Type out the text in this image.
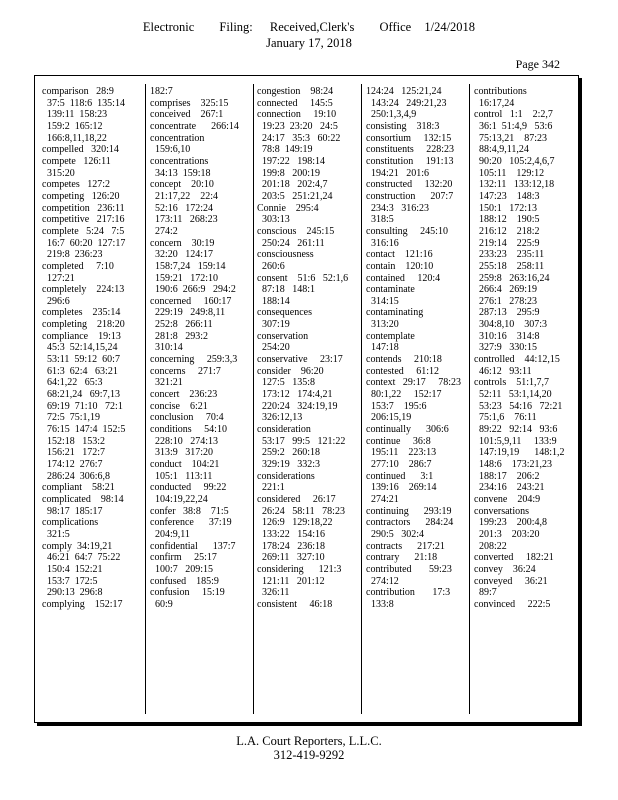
Electronic Filing: Received,Clerk's Office 1/24/2018
January 17, 2018
Page 342
comparison   28:9
37:5  118:6  135:14
139:11  158:23
159:2  165:12
166:8,11,18,22
compelled   320:14
compete   126:11
315:20
competes   127:2
competing   126:20
competition   236:11
competitive   217:16
complete   5:24   7:5
16:7  60:20  127:17
219:8  236:23
completed     7:10
127:21
completely    224:13
296:6
completes    235:14
completing    218:20
compliance    19:13
45:3  52:14,15,24
53:11  59:12  60:7
61:3  62:4   63:21
64:1,22   65:3
68:21,24   69:7,13
69:19  71:10   72:1
72:5  75:1,19
76:15  147:4  152:5
152:18   153:2
156:21   172:7
174:12  276:7
286:24  306:6,8
compliant    58:21
complicated    98:14
98:17  185:17
complications
321:5
comply  34:19,21
46:21  64:7  75:22
150:4  152:21
153:7  172:5
290:13  296:8
complying    152:17
182:7
comprises    325:15
conceived    267:1
concentrate      266:14
concentration
159:6,10
concentrations
34:13  159:18
concept    20:10
21:17,22    22:4
52:16   172:24
173:11   268:23
274:2
concern    30:19
32:20   124:17
158:7,24   159:14
159:21   172:10
190:6  266:9   294:2
concerned     160:17
229:19   249:8,11
252:8   266:11
281:8   293:2
310:14
concerning     259:3,3
concerns     271:7
321:21
concert    236:23
concise    6:21
conclusion     70:4
conditions     54:10
228:10   274:13
313:9   317:20
conduct    104:21
105:1   113:11
conducted     99:22
104:19,22,24
confer   38:8    71:5
conference      37:19
204:9,11
confidential      137:7
confirm     25:17
100:7   209:15
confused    185:9
confusion     15:19
60:9
congestion    98:24
connected     145:5
connection     19:10
19:23  23:20   24:5
24:17   35:3   60:22
78:8  149:19
197:22   198:14
199:8   200:19
201:18   202:4,7
203:5   251:21,24
Connie    295:4
303:13
conscious    245:15
250:24   261:11
consciousness
260:6
consent    51:6   52:1,6
87:18   148:1
188:14
consequences
307:19
conservation
254:20
conservative     23:17
consider    96:20
127:5   135:8
173:12   174:4,21
220:24   324:19,19
326:12,13
consideration
53:17   99:5   121:22
259:2   260:18
329:19   332:3
considerations
221:1
considered     26:17
26:24   58:11   78:23
126:9   129:18,22
133:22   154:16
178:24   236:18
269:11   327:10
considering      121:3
121:11   201:12
326:11
consistent     46:18
124:24   125:21,24
143:24   249:21,23
250:1,3,4,9
consisting    318:3
consortium     132:15
constituents     228:23
constitution     191:13
194:21   201:6
constructed     132:20
construction      207:7
234:3   316:23
318:5
consulting     245:10
316:16
contact    121:16
contain    120:10
contained     120:4
contaminate
314:15
contaminating
313:20
contemplate
147:18
contends     210:18
contested     61:12
context   29:17     78:23
80:1,22     152:17
153:7    195:6
206:15,19
continually      306:6
continue     36:8
195:11    223:13
277:10    286:7
continued      3:1
139:16    269:14
274:21
continuing      293:19
contractors      284:24
290:5   302:4
contracts      217:21
contrary      21:18
contributed       59:23
274:12
contribution       17:3
133:8
contributions
16:17,24
control   1:1    2:2,7
36:1  51:4,9   53:6
75:13,21    87:23
88:4,9,11,24
90:20   105:2,4,6,7
105:11    129:12
132:11   133:12,18
147:23    148:3
150:1   172:13
188:12    190:5
216:12    218:2
219:14    225:9
233:23    235:11
255:18    258:11
259:8   263:16,24
266:4   269:19
276:1   278:23
287:13    295:9
304:8,10    307:3
310:16    314:8
327:9   330:15
controlled    44:12,15
46:12   93:11
controls    51:1,7,7
52:11   53:1,14,20
53:23   54:16   72:21
75:1,6    76:11
89:22   92:14   93:6
101:5,9,11     133:9
147:19,19      148:1,2
148:6    173:21,23
188:17    206:2
234:16    243:21
convene    204:9
conversations
199:23    200:4,8
201:3    203:20
208:22
converted     182:21
convey    36:24
conveyed     36:21
89:7
convinced     222:5
L.A. Court Reporters, L.L.C.
312-419-9292
